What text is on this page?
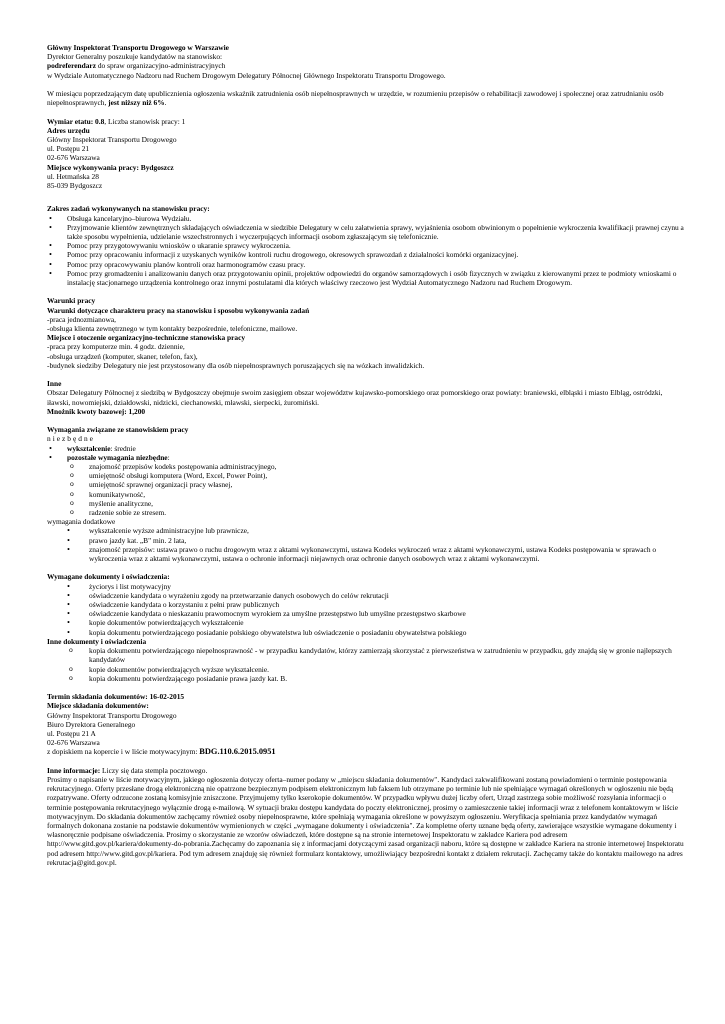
Główny Inspektorat Transportu Drogowego w Warszawie

Dyrektor Generalny poszukuje kandydatów na stanowisko:

podreferendarz do spraw organizacyjno-administracyjnych

w Wydziale Automatycznego Nadzoru nad Ruchem Drogowym Delegatury Północnej Głównego Inspektoratu Transportu Drogowego.

W miesiącu poprzedzającym datę upublicznienia ogłoszenia wskaźnik zatrudnienia osób niepełnosprawnych w urzędzie, w rozumieniu przepisów o rehabilitacji zawodowej i społecznej oraz zatrudnianiu osób niepełnosprawnych, jest niższy niż 6%.

Wymiar etatu: 0.8, Liczba stanowisk pracy: 1

Adres urzędu

Główny Inspektorat Transportu Drogowego

ul. Postępu 21

02-676 Warszawa

Miejsce wykonywania pracy: Bydgoszcz

ul. Hetmańska 28

85-039 Bydgoszcz

Zakres zadań wykonywanych na stanowisku pracy:

• Obsługa kancelaryjno–biurowa Wydziału.
• Przyjmowanie klientów zewnętrznych składających oświadczenia w siedzibie Delegatury w celu załatwienia sprawy, wyjaśnienia osobom obwinionym o popełnienie wykroczenia kwalifikacji prawnej czynu a także sposobu wypełnienia, udzielanie wszechstronnych i wyczerpujących informacji osobom zgłaszającym się telefonicznie.
• Pomoc przy przygotowywaniu wniosków o ukaranie sprawcy wykroczenia.
• Pomoc przy opracowaniu informacji z uzyskanych wyników kontroli ruchu drogowego, okresowych sprawozdań z działalności komórki organizacyjnej.
• Pomoc przy opracowywaniu planów kontroli oraz harmonogramów czasu pracy.
• Pomoc przy gromadzeniu i analizowaniu danych oraz przygotowaniu opinii, projektów odpowiedzi do organów samorządowych i osób fizycznych w związku z kierowanymi przez te podmioty wnioskami o instalację stacjonarnego urządzenia kontrolnego oraz innymi postulatami dla których właściwy rzeczowo jest Wydział Automatycznego Nadzoru nad Ruchem Drogowym.

Warunki pracy

Warunki dotyczące charakteru pracy na stanowisku i sposobu wykonywania zadań

-praca jednozmianowa,

-obsługa klienta zewnętrznego w tym kontakty bezpośrednie, telefoniczne, mailowe.

Miejsce i otoczenie organizacyjno-techniczne stanowiska pracy

-praca przy komputerze min. 4 godz. dziennie,

-obsługa urządzeń (komputer, skaner, telefon, fax),

-budynek siedziby Delegatury nie jest przystosowany dla osób niepełnosprawnych poruszających się na wózkach inwalidzkich.

Inne

Obszar Delegatury Północnej z siedzibą w Bydgoszczy obejmuje swoim zasięgiem obszar województw kujawsko-pomorskiego oraz pomorskiego oraz powiaty: braniewski, elbląski i miasto Elbląg, ostródzki, iławski, nowomiejski, działdowski, nidzicki, ciechanowski, mławski, sierpecki, żuromiński.

Mnożnik kwoty bazowej: 1,200

Wymagania związane ze stanowiskiem pracy

niezbędne

• wykształcenie: średnie
• pozostałe wymagania niezbędne:
o znajomość przepisów kodeks postępowania administracyjnego,
o umiejętność obsługi komputera (Word, Excel, Power Point),
o umiejętność sprawnej organizacji pracy własnej,
o komunikatywność,
o myślenie analityczne,
o radzenie sobie ze stresem.

wymagania dodatkowe

• wykształcenie wyższe administracyjne lub prawnicze,
• prawo jazdy kat. „B" min. 2 lata,
• znajomość przepisów: ustawa prawo o ruchu drogowym wraz z aktami wykonawczymi, ustawa Kodeks wykroczeń wraz z aktami wykonawczymi, ustawa Kodeks postępowania w sprawach o wykroczenia wraz z aktami wykonawczymi, ustawa o ochronie informacji niejawnych oraz ochronie danych osobowych wraz z aktami wykonawczymi.

Wymagane dokumenty i oświadczenia:

• życiorys i list motywacyjny
• oświadczenie kandydata o wyrażeniu zgody na przetwarzanie danych osobowych do celów rekrutacji
• oświadczenie kandydata o korzystaniu z pełni praw publicznych
• oświadczenie kandydata o nieskazaniu prawomocnym wyrokiem za umyślne przestępstwo lub umyślne przestępstwo skarbowe
• kopie dokumentów potwierdzających wykształcenie
• kopia dokumentu potwierdzającego posiadanie polskiego obywatelstwa lub oświadczenie o posiadaniu obywatelstwa polskiego

Inne dokumenty i oświadczenia

o kopia dokumentu potwierdzającego niepełnosprawność - w przypadku kandydatów, którzy zamierzają skorzystać z pierwszeństwa w zatrudnieniu w przypadku, gdy znajdą się w gronie najlepszych kandydatów
o kopie dokumentów potwierdzających wyższe wykształcenie.
o kopia dokumentu potwierdzającego posiadanie prawa jazdy kat. B.

Termin składania dokumentów: 16-02-2015

Miejsce składania dokumentów:

Główny Inspektorat Transportu Drogowego

Biuro Dyrektora Generalnego

ul. Postępu 21 A

02-676 Warszawa

z dopiskiem na kopercie i w liście motywacyjnym: BDG.110.6.2015.0951

Inne informacje: Liczy się data stempla pocztowego.

Prosimy o napisanie w liście motywacyjnym, jakiego ogłoszenia dotyczy oferta–numer podany w „miejscu składania dokumentów". Kandydaci zakwalifikowani zostaną powiadomieni o terminie postępowania rekrutacyjnego. Oferty przesłane drogą elektroniczną nie opatrzone bezpiecznym podpisem elektronicznym lub faksem lub otrzymane po terminie lub nie spełniające wymagań określonych w ogłoszeniu nie będą rozpatrywane. Oferty odrzucone zostaną komisyjnie zniszczone. Przyjmujemy tylko kserokopie dokumentów. W przypadku wpływu dużej liczby ofert, Urząd zastrzega sobie możliwość rozsyłania informacji o terminie postępowania rekrutacyjnego wyłącznie drogą e-mailową. W sytuacji braku dostępu kandydata do poczty elektronicznej, prosimy o zamieszczenie takiej informacji wraz z telefonem kontaktowym w liście motywacyjnym. Do składania dokumentów zachęcamy również osoby niepełnosprawne, które spełniają wymagania określone w powyższym ogłoszeniu. Weryfikacja spełniania przez kandydatów wymagań formalnych dokonana zostanie na podstawie dokumentów wymienionych w części „wymagane dokumenty i oświadczenia". Za kompletne oferty uznane będą oferty, zawierające wszystkie wymagane dokumenty i własnoręcznie podpisane oświadczenia. Prosimy o skorzystanie ze wzorów oświadczeń, które dostępne są na stronie internetowej Inspektoratu w zakładce Kariera pod adresem http://www.gitd.gov.pl/kariera/dokumenty-do-pobrania.Zachęcamy do zapoznania się z informacjami dotyczącymi zasad organizacji naboru, które są dostępne w zakładce Kariera na stronie internetowej Inspektoratu pod adresem http://www.gitd.gov.pl/kariera. Pod tym adresem znajduję się również formularz kontaktowy, umożliwiający bezpośredni kontakt z działem rekrutacji. Zachęcamy także do kontaktu mailowego na adres rekrutacja@gitd.gov.pl.
